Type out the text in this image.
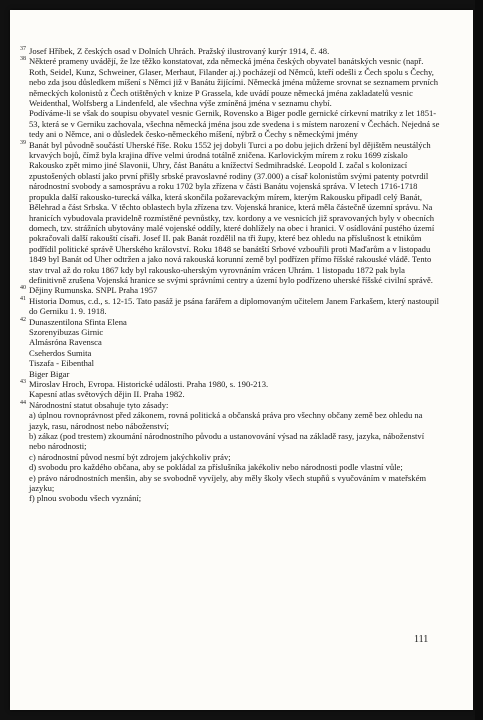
37 Josef Hříbek, Z českých osad v Dolních Uhrách. Pražský ilustrovaný kurýr 1914, č. 48.
38 Některé prameny uvádějí, že lze těžko konstatovat, zda německá jména českých obyvatel banátských vesnic (např. Roth, Seidel, Kunz, Schweiner, Glaser, Merhaut, Filander aj.) pocházejí od Němců, kteří odešli z Čech spolu s Čechy, nebo zda jsou důsledkem míšení s Němci již v Banátu žijícími. Německá jména můžeme srovnat se seznamem prvních německých kolonistů z Čech otištěných v knize P Grassela, kde uvádí pouze německá jména zakladatelů vesnic Weidenthal, Wolfsberg a Lindenfeld, ale všechna výše zmíněná jména v seznamu chybí.
Podíváme-li se však do soupisu obyvatel vesnic Gernik, Rovensko a Biger podle gernické církevní matriky z let 1851-53, která se v Gerniku zachovala, všechna německá jména jsou zde svedena i s místem narození v Čechách. Nejedná se tedy ani o Němce, ani o důsledek česko-německého míšení, nýbrž o Čechy s německými jmény
39 Banát byl původně součástí Uherské říše. Roku 1552 jej dobyli Turci a po dobu jejich držení byl dějištěm neustálých krvavých bojů, čímž byla krajina dříve velmi úrodná totálně zničena. Karlovickým mírem z roku 1699 získalo Rakousko zpět mimo jiné Slavonii, Uhry, část Banátu a knížectví Sedmihradské. Leopold I. začal s kolonizací zpustošených oblastí jako první přišly srbské pravoslavné rodiny (37.000) a císař kolonistům svými patenty potvrdil národnostní svobody a samosprávu a roku 1702 byla zřízena v části Banátu vojenská správa. V letech 1716-1718 propukla další rakousko-turecká válka, která skončila požarevackým mírem, kterým Rakousku připadl celý Banát, Bělehrad a část Srbska. V těchto oblastech byla zřízena tzv. Vojenská hranice, která měla částečně územní správu. Na hranicích vybudovala pravidelně rozmístěné pevnůstky, tzv. kordony a ve vesnicích již spravovaných byly v obecních domech, tzv. strážních ubytovány malé vojenské oddíly, které dohlížely na obec i hranici. V osídlování pustého území pokračovali další rakouští císaři. Josef II. pak Banát rozdělil na tři župy, které bez ohledu na příslušnost k etnikům podřídil politické správě Uherského království. Roku 1848 se banátští Srbové vzbouřili proti Maďarům a v listopadu 1849 byl Banát od Uher odtržen a jako nová rakouská korunní země byl podřízen přímo říšské rakouské vládě. Tento stav trval až do roku 1867 kdy byl rakousko-uherským vyrovnáním vrácen Uhrám. 1 listopadu 1872 pak byla definitivně zrušena Vojenská hranice se svými správními centry a území bylo podřízeno uherské říšské civilní správě.
40 Dějiny Rumunska. SNPL Praha 1957
41 Historia Domus, c.d., s. 12-15. Tato pasáž je psána farářem a diplomovaným učitelem Janem Farkašem, který nastoupil do Gerniku 1. 9. 1918.
42 Dunaszentilona Sfinta Elena
Szorenyibuzas Girnic
Almásróna Ravensca
Cseherdos Sumita
Tiszafa - Eibenthal
Biger Bigar
43 Miroslav Hroch, Evropa. Historické události. Praha 1980, s. 190-213.
Kapesní atlas světových dějin II. Praha 1982.
44 Národnostní statut obsahuje tyto zásady:
a) úplnou rovnoprávnost před zákonem, rovná politická a občanská práva pro všechny občany země bez ohledu na jazyk, rasu, národnost nebo náboženství;
b) zákaz (pod trestem) zkoumání národnostního původu a ustanovování výsad na základě rasy, jazyka, náboženství nebo národnosti;
c) národnostní původ nesmí být zdrojem jakýchkoliv práv;
d) svobodu pro každého občana, aby se pokládal za příslušníka jakékoliv nebo národnosti podle vlastní vůle;
e) právo národnostních menšin, aby se svobodně vyvíjely, aby měly školy všech stupňů s vyučováním v mateřském jazyku;
f) plnou svobodu všech vyznání;
111
